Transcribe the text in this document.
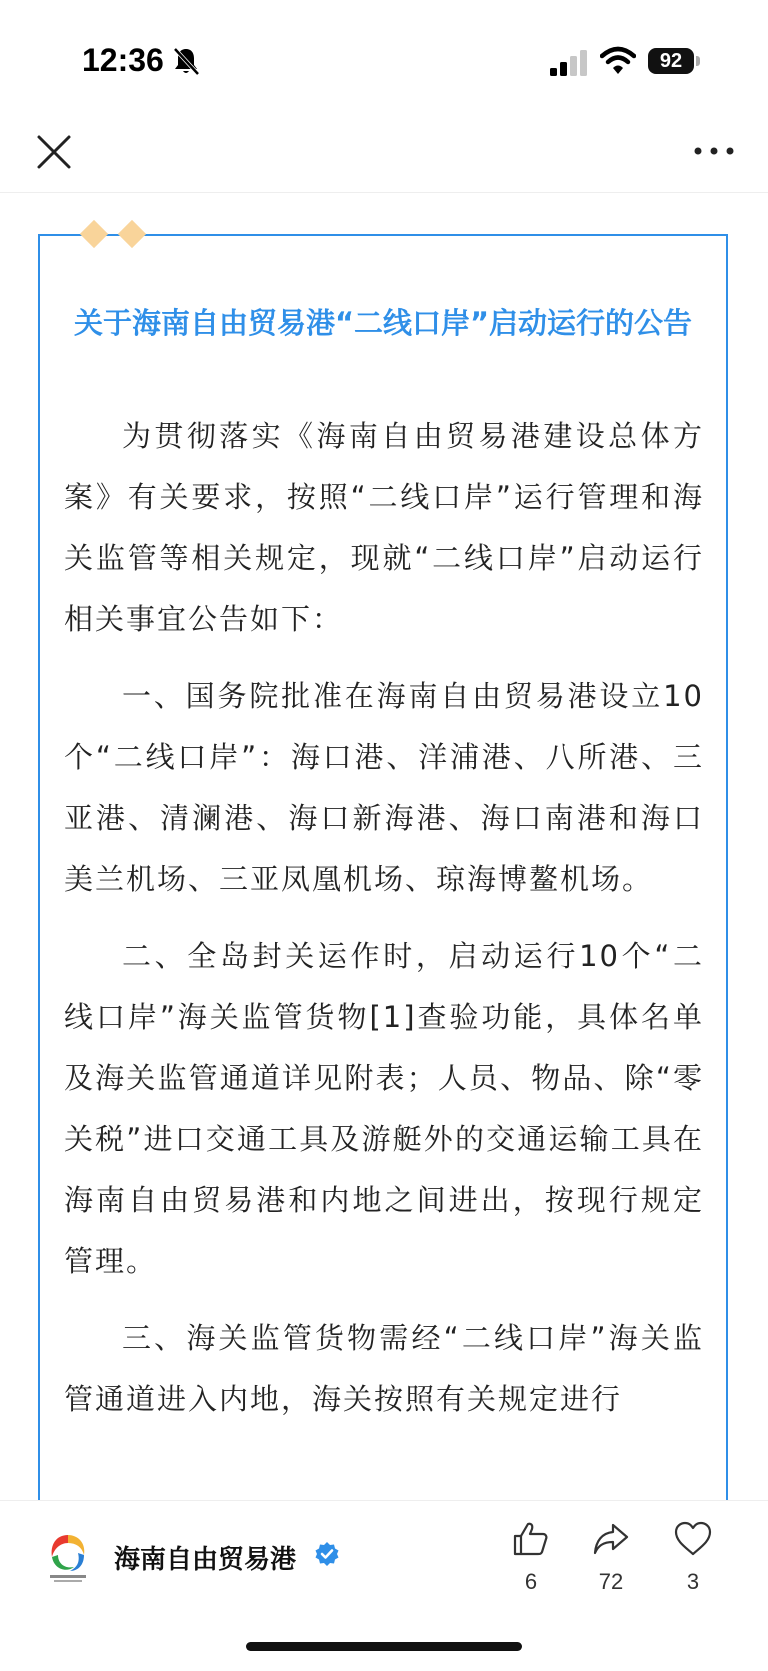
12:36	92
关于海南自由贸易港“二线口岸”启动运行的公告

为贯彻落实《海南自由贸易港建设总体方案》有关要求，按照“二线口岸”运行管理和海关监管等相关规定，现就“二线口岸”启动运行相关事宜公告如下：

一、国务院批准在海南自由贸易港设立10个“二线口岸”：海口港、洋浦港、八所港、三亚港、清澜港、海口新海港、海口南港和海口美兰机场、三亚凤凰机场、琼海博鳌机场。

二、全岛封关运作时，启动运行10个“二线口岸”海关监管货物[1]查验功能，具体名单及海关监管通道详见附表；人员、物品、除“零关税”进口交通工具及游艇外的交通运输工具在海南自由贸易港和内地之间进出，按现行规定管理。

三、海关监管货物需经“二线口岸”海关监管通道进入内地，海关按照有关规定进行

海南自由贸易港
6	72	3
